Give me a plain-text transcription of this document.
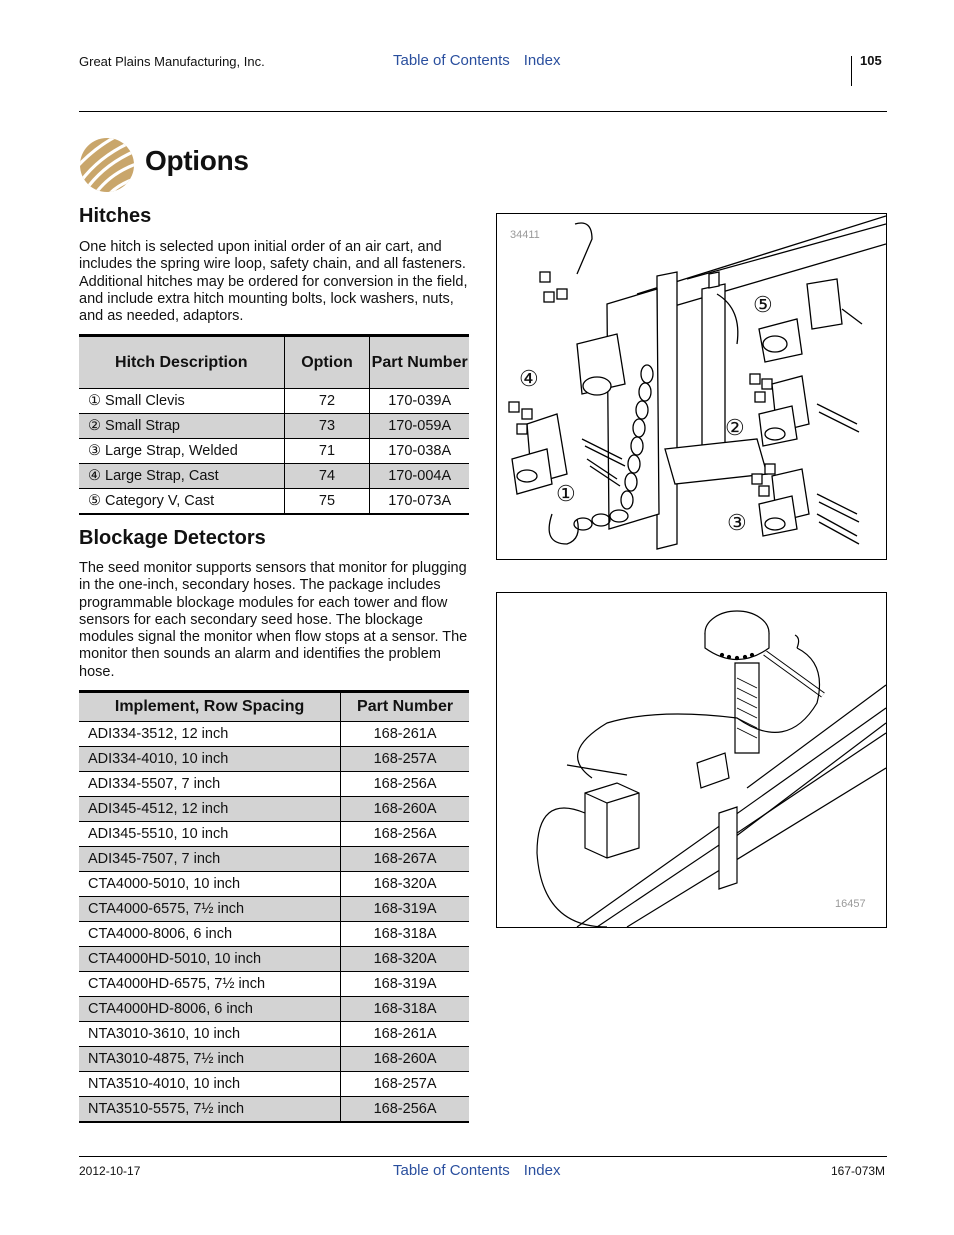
Great Plains Manufacturing, Inc.	Table of Contents Index	105
Options
Hitches
One hitch is selected upon initial order of an air cart, and includes the spring wire loop, safety chain, and all fasteners. Additional hitches may be ordered for conversion in the field, and include extra hitch mounting bolts, lock washers, nuts, and as needed, adaptors.
Hitch Description	Option	Part Number
① Small Clevis	72	170-039A
② Small Strap	73	170-059A
③ Large Strap, Welded	71	170-038A
④ Large Strap, Cast	74	170-004A
⑤ Category V, Cast	75	170-073A
Blockage Detectors
The seed monitor supports sensors that monitor for plugging in the one-inch, secondary hoses. The package includes programmable blockage modules for each tower and flow sensors for each secondary seed hose. The blockage modules signal the monitor when flow stops at a sensor. The monitor then sounds an alarm and identifies the problem hose.
Implement, Row Spacing	Part Number
ADI334-3512, 12 inch	168-261A
ADI334-4010, 10 inch	168-257A
ADI334-5507, 7 inch	168-256A
ADI345-4512, 12 inch	168-260A
ADI345-5510, 10 inch	168-256A
ADI345-7507, 7 inch	168-267A
CTA4000-5010, 10 inch	168-320A
CTA4000-6575, 7½ inch	168-319A
CTA4000-8006, 6 inch	168-318A
CTA4000HD-5010, 10 inch	168-320A
CTA4000HD-6575, 7½ inch	168-319A
CTA4000HD-8006, 6 inch	168-318A
NTA3010-3610, 10 inch	168-261A
NTA3010-4875, 7½ inch	168-260A
NTA3510-4010, 10 inch	168-257A
NTA3510-5575, 7½ inch	168-256A
34411
④
②
①
③
⑤
16457
2012-10-17	Table of Contents Index	167-073M
